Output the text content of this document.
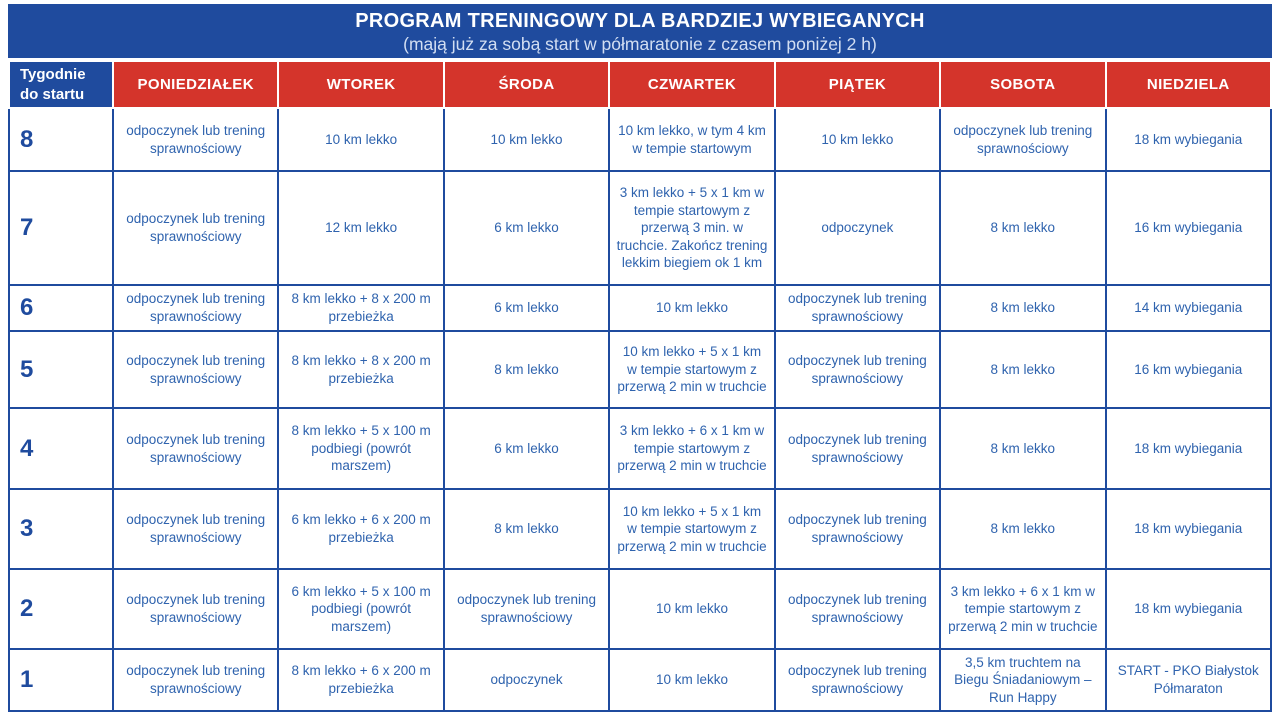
PROGRAM TRENINGOWY DLA BARDZIEJ WYBIEGANYCH
(mają już za sobą start w półmaratonie z czasem poniżej 2 h)
Tygodnie do startu	PONIEDZIAŁEK	WTOREK	ŚRODA	CZWARTEK	PIĄTEK	SOBOTA	NIEDZIELA
8	odpoczynek lub trening sprawnościowy	10 km lekko	10 km lekko	10 km lekko, w tym 4 km w tempie startowym	10 km lekko	odpoczynek lub trening sprawnościowy	18 km wybiegania
7	odpoczynek lub trening sprawnościowy	12 km lekko	6 km lekko	3 km lekko + 5 x 1 km w tempie startowym z przerwą 3 min. w truchcie. Zakończ trening lekkim biegiem ok 1 km	odpoczynek	8 km lekko	16 km wybiegania
6	odpoczynek lub trening sprawnościowy	8 km lekko + 8 x 200 m przebieżka	6 km lekko	10 km lekko	odpoczynek lub trening sprawnościowy	8 km lekko	14 km wybiegania
5	odpoczynek lub trening sprawnościowy	8 km lekko + 8 x 200 m przebieżka	8 km lekko	10 km lekko + 5 x 1 km w tempie startowym z przerwą 2 min w truchcie	odpoczynek lub trening sprawnościowy	8 km lekko	16 km wybiegania
4	odpoczynek lub trening sprawnościowy	8 km lekko + 5 x 100 m podbiegi (powrót marszem)	6 km lekko	3 km lekko + 6 x 1 km w tempie startowym z przerwą 2 min w truchcie	odpoczynek lub trening sprawnościowy	8 km lekko	18 km wybiegania
3	odpoczynek lub trening sprawnościowy	6 km lekko + 6 x 200 m przebieżka	8 km lekko	10 km lekko + 5 x 1 km w tempie startowym z przerwą 2 min w truchcie	odpoczynek lub trening sprawnościowy	8 km lekko	18 km wybiegania
2	odpoczynek lub trening sprawnościowy	6 km lekko + 5 x 100 m podbiegi (powrót marszem)	odpoczynek lub trening sprawnościowy	10 km lekko	odpoczynek lub trening sprawnościowy	3 km lekko + 6 x 1 km w tempie startowym z przerwą 2 min w truchcie	18 km wybiegania
1	odpoczynek lub trening sprawnościowy	8 km lekko + 6 x 200 m przebieżka	odpoczynek	10 km lekko	odpoczynek lub trening sprawnościowy	3,5 km truchtem na Biegu Śniadaniowym – Run Happy	START - PKO Białystok Półmaraton
